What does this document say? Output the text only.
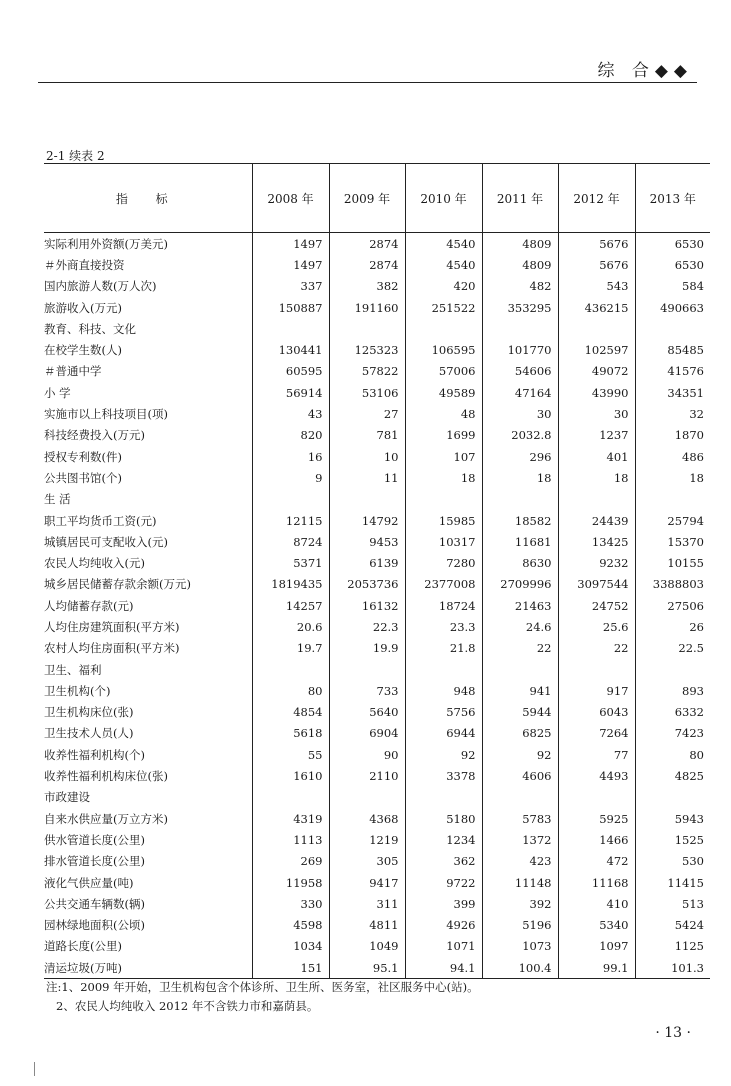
综 合◆◆
2-1 续表 2
指 标	2008 年	2009 年	2010 年	2011 年	2012 年	2013 年
实际利用外资额(万美元)	1497	2874	4540	4809	5676	6530
＃外商直接投资	1497	2874	4540	4809	5676	6530
国内旅游人数(万人次)	337	382	420	482	543	584
旅游收入(万元)	150887	191160	251522	353295	436215	490663
教育、科技、文化						
在校学生数(人)	130441	125323	106595	101770	102597	85485
＃普通中学	60595	57822	57006	54606	49072	41576
小 学	56914	53106	49589	47164	43990	34351
实施市以上科技项目(项)	43	27	48	30	30	32
科技经费投入(万元)	820	781	1699	2032.8	1237	1870
授权专利数(件)	16	10	107	296	401	486
公共图书馆(个)	9	11	18	18	18	18
生 活						
职工平均货币工资(元)	12115	14792	15985	18582	24439	25794
城镇居民可支配收入(元)	8724	9453	10317	11681	13425	15370
农民人均纯收入(元)	5371	6139	7280	8630	9232	10155
城乡居民储蓄存款余额(万元)	1819435	2053736	2377008	2709996	3097544	3388803
人均储蓄存款(元)	14257	16132	18724	21463	24752	27506
人均住房建筑面积(平方米)	20.6	22.3	23.3	24.6	25.6	26
农村人均住房面积(平方米)	19.7	19.9	21.8	22	22	22.5
卫生、福利						
卫生机构(个)	80	733	948	941	917	893
卫生机构床位(张)	4854	5640	5756	5944	6043	6332
卫生技术人员(人)	5618	6904	6944	6825	7264	7423
收养性福利机构(个)	55	90	92	92	77	80
收养性福利机构床位(张)	1610	2110	3378	4606	4493	4825
市政建设						
自来水供应量(万立方米)	4319	4368	5180	5783	5925	5943
供水管道长度(公里)	1113	1219	1234	1372	1466	1525
排水管道长度(公里)	269	305	362	423	472	530
液化气供应量(吨)	11958	9417	9722	11148	11168	11415
公共交通车辆数(辆)	330	311	399	392	410	513
园林绿地面积(公顷)	4598	4811	4926	5196	5340	5424
道路长度(公里)	1034	1049	1071	1073	1097	1125
清运垃圾(万吨)	151	95.1	94.1	100.4	99.1	101.3
注:1、2009 年开始，卫生机构包含个体诊所、卫生所、医务室，社区服务中心(站)。
2、农民人均纯收入 2012 年不含铁力市和嘉荫县。
· 13 ·
